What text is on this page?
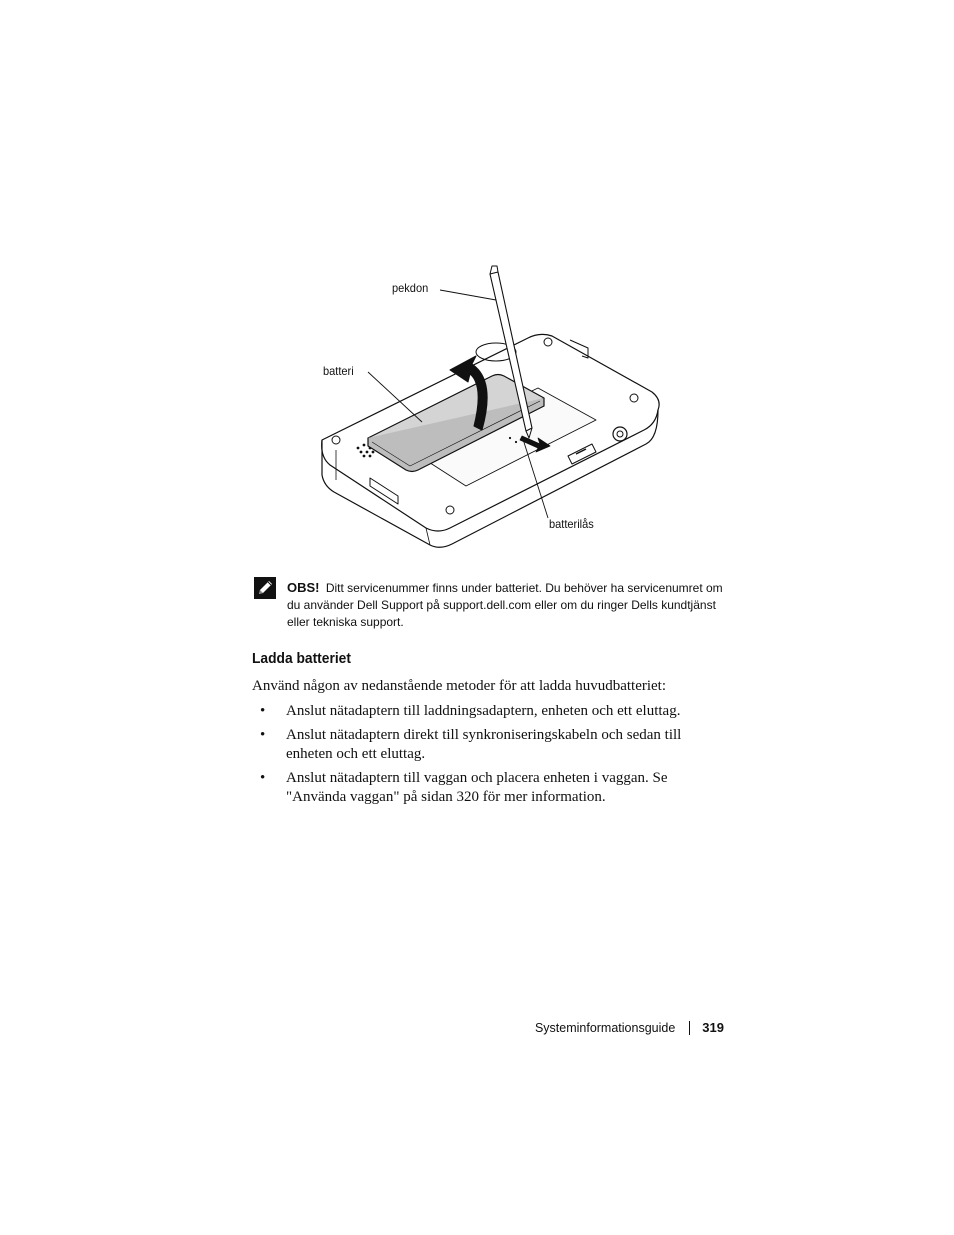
pekdon
batteri
batterilås
OBS! Ditt servicenummer finns under batteriet. Du behöver ha servicenumret om du använder Dell Support på support.dell.com eller om du ringer Dells kundtjänst eller tekniska support.
Ladda batteriet
Använd någon av nedanstående metoder för att ladda huvudbatteriet:
• Anslut nätadaptern till laddningsadaptern, enheten och ett eluttag.
• Anslut nätadaptern direkt till synkroniseringskabeln och sedan till enheten och ett eluttag.
• Anslut nätadaptern till vaggan och placera enheten i vaggan. Se "Använda vaggan" på sidan 320 för mer information.
Systeminformationsguide 319
